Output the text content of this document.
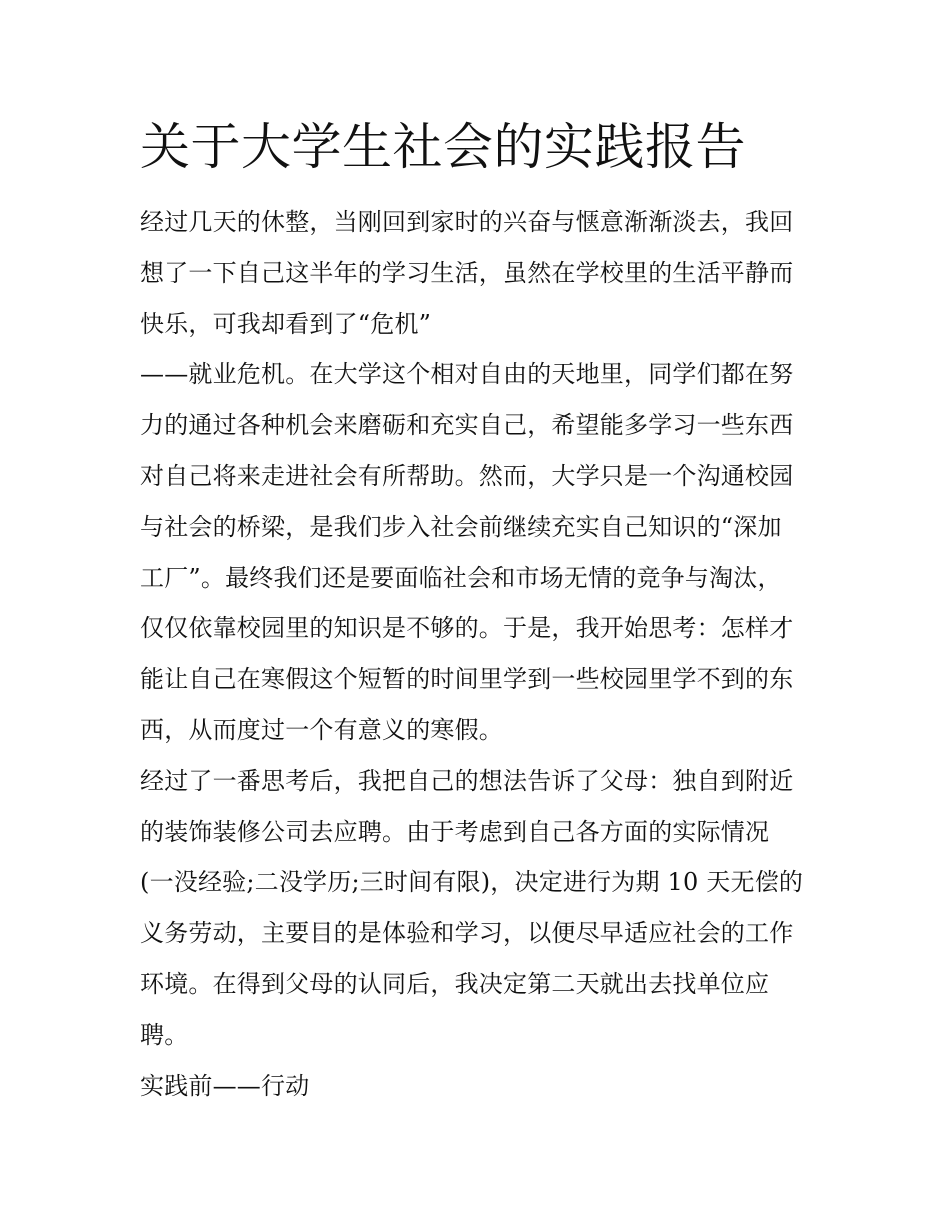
关于大学生社会的实践报告

经过几天的休整，当刚回到家时的兴奋与惬意渐渐淡去，我回
想了一下自己这半年的学习生活，虽然在学校里的生活平静而
快乐，可我却看到了“危机”

——就业危机。在大学这个相对自由的天地里，同学们都在努
力的通过各种机会来磨砺和充实自己，希望能多学习一些东西
对自己将来走进社会有所帮助。然而，大学只是一个沟通校园
与社会的桥梁，是我们步入社会前继续充实自己知识的“深加
工厂”。最终我们还是要面临社会和市场无情的竞争与淘汰，
仅仅依靠校园里的知识是不够的。于是，我开始思考：怎样才
能让自己在寒假这个短暂的时间里学到一些校园里学不到的东
西，从而度过一个有意义的寒假。

经过了一番思考后，我把自己的想法告诉了父母：独自到附近
的装饰装修公司去应聘。由于考虑到自己各方面的实际情况
(一没经验;二没学历;三时间有限)，决定进行为期 10 天无偿的
义务劳动，主要目的是体验和学习，以便尽早适应社会的工作
环境。在得到父母的认同后，我决定第二天就出去找单位应
聘。

实践前——行动
